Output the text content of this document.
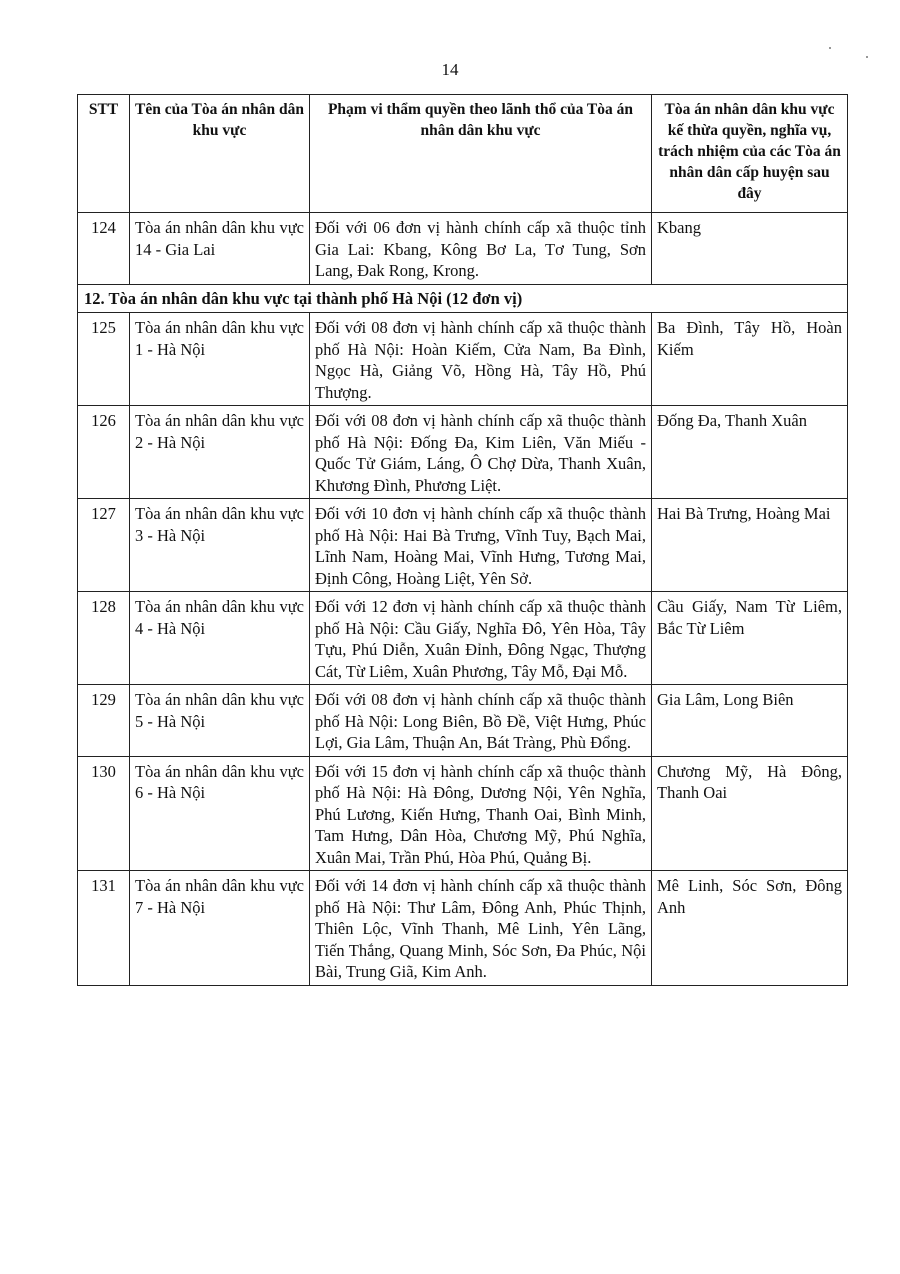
14
STT	Tên của Tòa án nhân dân khu vực	Phạm vi thẩm quyền theo lãnh thổ của Tòa án nhân dân khu vực	Tòa án nhân dân khu vực kế thừa quyền, nghĩa vụ, trách nhiệm của các Tòa án nhân dân cấp huyện sau đây
124	Tòa án nhân dân khu vực 14 - Gia Lai	Đối với 06 đơn vị hành chính cấp xã thuộc tỉnh Gia Lai: Kbang, Kông Bơ La, Tơ Tung, Sơn Lang, Đak Rong, Krong.	Kbang
12. Tòa án nhân dân khu vực tại thành phố Hà Nội (12 đơn vị)			
125	Tòa án nhân dân khu vực 1 - Hà Nội	Đối với 08 đơn vị hành chính cấp xã thuộc thành phố Hà Nội: Hoàn Kiếm, Cửa Nam, Ba Đình, Ngọc Hà, Giảng Võ, Hồng Hà, Tây Hồ, Phú Thượng.	Ba Đình, Tây Hồ, Hoàn Kiếm
126	Tòa án nhân dân khu vực 2 - Hà Nội	Đối với 08 đơn vị hành chính cấp xã thuộc thành phố Hà Nội: Đống Đa, Kim Liên, Văn Miếu - Quốc Tử Giám, Láng, Ô Chợ Dừa, Thanh Xuân, Khương Đình, Phương Liệt.	Đống Đa, Thanh Xuân
127	Tòa án nhân dân khu vực 3 - Hà Nội	Đối với 10 đơn vị hành chính cấp xã thuộc thành phố Hà Nội: Hai Bà Trưng, Vĩnh Tuy, Bạch Mai, Lĩnh Nam, Hoàng Mai, Vĩnh Hưng, Tương Mai, Định Công, Hoàng Liệt, Yên Sở.	Hai Bà Trưng, Hoàng Mai
128	Tòa án nhân dân khu vực 4 - Hà Nội	Đối với 12 đơn vị hành chính cấp xã thuộc thành phố Hà Nội: Cầu Giấy, Nghĩa Đô, Yên Hòa, Tây Tựu, Phú Diễn, Xuân Đỉnh, Đông Ngạc, Thượng Cát, Từ Liêm, Xuân Phương, Tây Mỗ, Đại Mỗ.	Cầu Giấy, Nam Từ Liêm, Bắc Từ Liêm
129	Tòa án nhân dân khu vực 5 - Hà Nội	Đối với 08 đơn vị hành chính cấp xã thuộc thành phố Hà Nội: Long Biên, Bồ Đề, Việt Hưng, Phúc Lợi, Gia Lâm, Thuận An, Bát Tràng, Phù Đổng.	Gia Lâm, Long Biên
130	Tòa án nhân dân khu vực 6 - Hà Nội	Đối với 15 đơn vị hành chính cấp xã thuộc thành phố Hà Nội: Hà Đông, Dương Nội, Yên Nghĩa, Phú Lương, Kiến Hưng, Thanh Oai, Bình Minh, Tam Hưng, Dân Hòa, Chương Mỹ, Phú Nghĩa, Xuân Mai, Trần Phú, Hòa Phú, Quảng Bị.	Chương Mỹ, Hà Đông, Thanh Oai
131	Tòa án nhân dân khu vực 7 - Hà Nội	Đối với 14 đơn vị hành chính cấp xã thuộc thành phố Hà Nội: Thư Lâm, Đông Anh, Phúc Thịnh, Thiên Lộc, Vĩnh Thanh, Mê Linh, Yên Lãng, Tiến Thắng, Quang Minh, Sóc Sơn, Đa Phúc, Nội Bài, Trung Giã, Kim Anh.	Mê Linh, Sóc Sơn, Đông Anh
